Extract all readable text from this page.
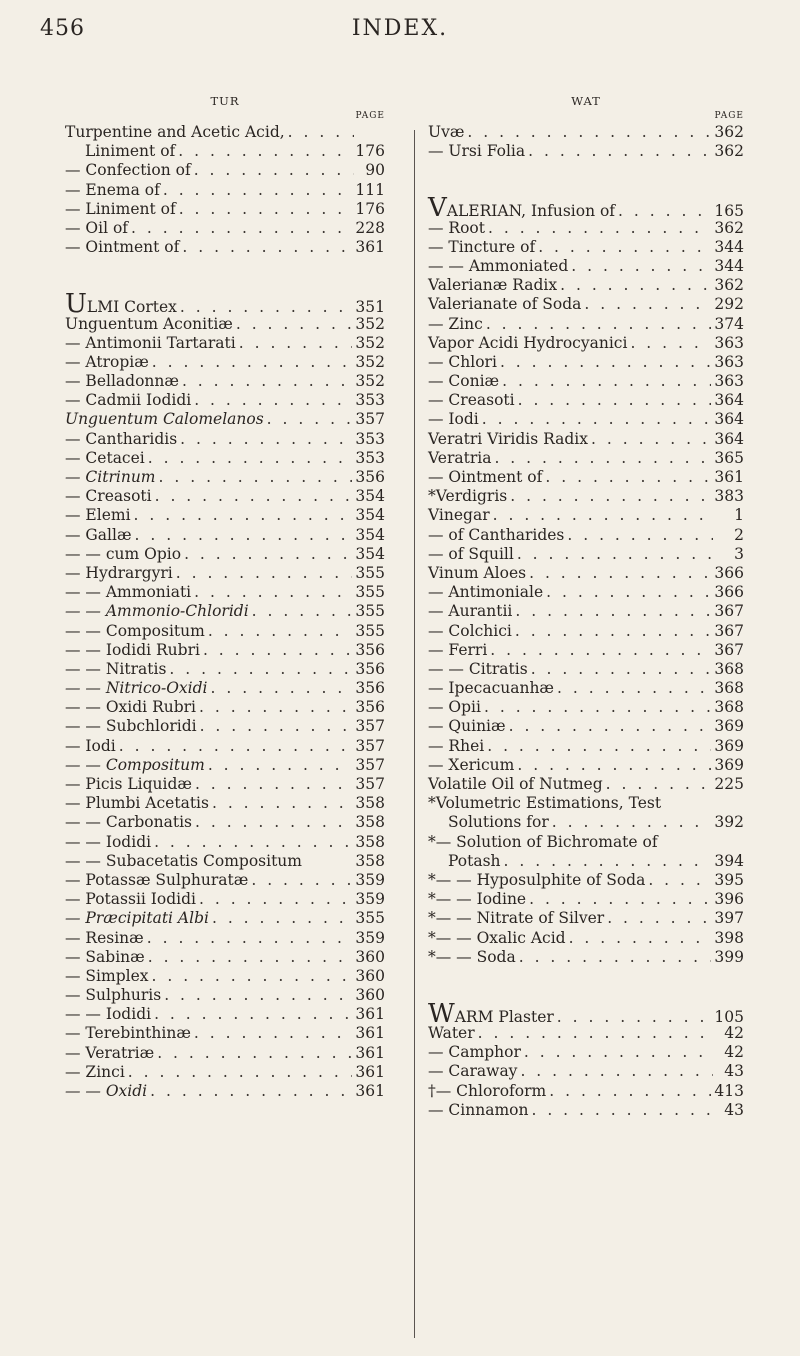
456	INDEX.
TUR
PAGE
Turpentine and Acetic Acid,
. . .
Liniment of . . .	176
— Confection of . . .	90
— Enema of . . .	111
— Liniment of . . .	176
— Oil of . . .	228
— Ointment of . . .	361
U LMI Cortex . . .	351
Unguentum Aconitiæ . . .	352
— Antimonii Tartarati . . .	352
— Atropiæ . . .	352
— Belladonnæ . . .	352
— Cadmii Iodidi . . .	353
Unguentum Calomelanos . . .	357
— Cantharidis . . .	353
— Cetacei . . .	353
— Citrinum . . .	356
— Creasoti . . .	354
— Elemi . . .	354
— Gallæ . . .	354
— — cum Opio . . .	354
— Hydrargyri . . .	355
— — Ammoniati . . .	355
— — Ammonio-Chloridi . . .	355
— — Compositum . . .	355
— — Iodidi Rubri . . .	356
— — Nitratis . . .	356
— — Nitrico-Oxidi . . .	356
— — Oxidi Rubri . . .	356
— — Subchloridi . . .	357
— Iodi . . .	357
— — Compositum . . .	357
— Picis Liquidæ . . .	357
— Plumbi Acetatis . . .	358
— — Carbonatis . . .	358
— — Iodidi . . .	358
— — Subacetatis Compositum	358
— Potassæ Sulphuratæ . . .	359
— Potassii Iodidi . . .	359
— Præcipitati Albi . . .	355
— Resinæ . . .	359
— Sabinæ . . .	360
— Simplex . . .	360
— Sulphuris . . .	360
— — Iodidi . . .	361
— Terebinthinæ . . .	361
— Veratriæ . . .	361
— Zinci . . .	361
— — Oxidi . . .	361
WAT
PAGE
Uvæ . . .	362
— Ursi Folia . . .	362
V ALERIAN, Infusion of . . .	165
— Root . . .	362
— Tincture of . . .	344
— — Ammoniated . . .	344
Valerianæ Radix . . .	362
Valerianate of Soda . . .	292
— Zinc . . .	374
Vapor Acidi Hydrocyanici . . .	363
— Chlori . . .	363
— Coniæ . . .	363
— Creasoti . . .	364
— Iodi . . .	364
Veratri Viridis Radix . . .	364
Veratria . . .	365
— Ointment of . . .	361
*Verdigris . . .	383
Vinegar . . .	1
— of Cantharides . . .	2
— of Squill . . .	3
Vinum Aloes . . .	366
— Antimoniale . . .	366
— Aurantii . . .	367
— Colchici . . .	367
— Ferri . . .	367
— — Citratis . . .	368
— Ipecacuanhæ . . .	368
— Opii . . .	368
— Quiniæ . . .	369
— Rhei . . .	369
— Xericum . . .	369
Volatile Oil of Nutmeg . . .	225
*Volumetric Estimations, Test
Solutions for . . .	392
*— Solution of Bichromate of
Potash . . .	394
*— — Hyposulphite of Soda . . .	395
*— — Iodine . . .	396
*— — Nitrate of Silver . . .	397
*— — Oxalic Acid . . .	398
*— — Soda . . .	399
W ARM Plaster . . .	105
Water . . .	42
— Camphor . . .	42
— Caraway . . .	43
†— Chloroform . . .	413
— Cinnamon . . .	43
